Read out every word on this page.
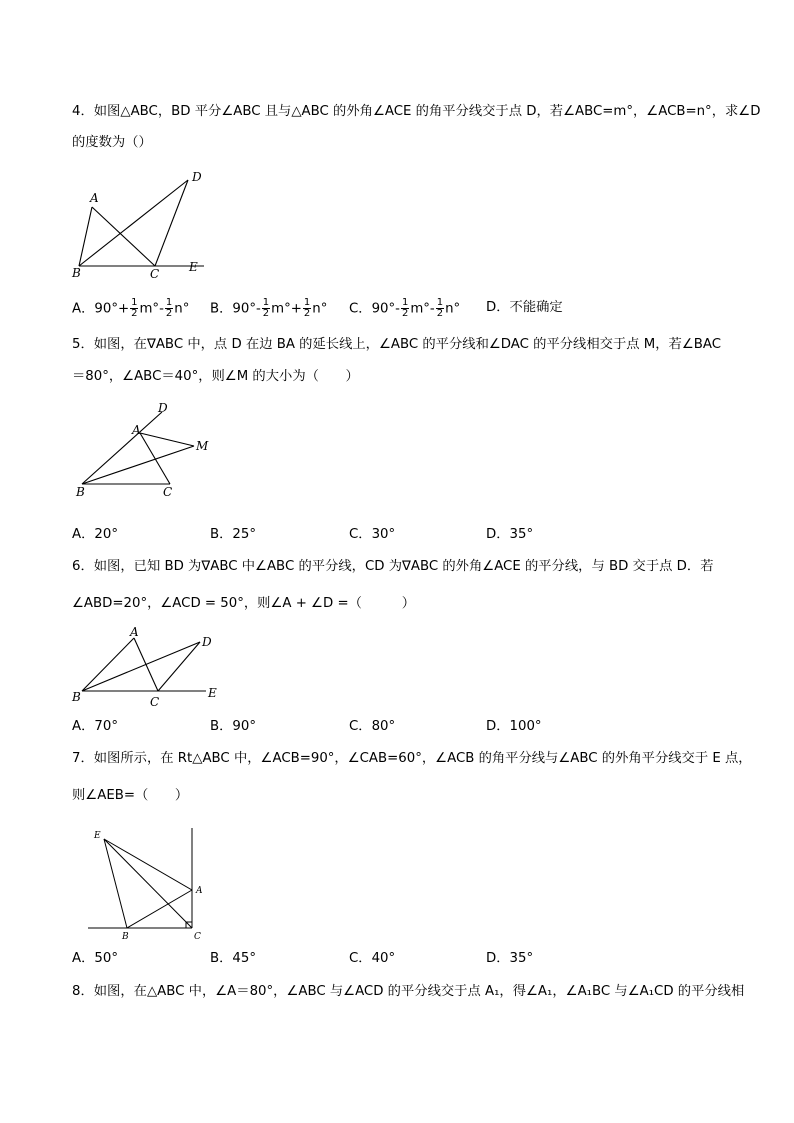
4．如图△ABC，BD 平分∠ABC 且与△ABC 的外角∠ACE 的角平分线交于点 D，若∠ABC=m°，∠ACB=n°，求∠D
的度数为（）
A
B	C
D
E
A．$90^\circ+ \frac{1}{2} m^\circ- \frac{1}{2} n^\circ$ B．$90^\circ- \frac{1}{2} m^\circ+ \frac{1}{2} n^\circ$ C．$90^\circ- \frac{1}{2} m^\circ- \frac{1}{2} n^\circ$ D．不能确定
5．如图，在∇ABC 中，点 D 在边 BA 的延长线上，∠ABC 的平分线和∠DAC 的平分线相交于点 M，若∠BAC
＝80°，∠ABC＝40°，则∠M 的大小为（　　）
A
B	C
D
M
A．20°	B．25°	C．30°	D．35°
6．如图，已知 BD 为∇ABC 中∠ABC 的平分线，CD 为∇ABC 的外角∠ACE 的平分线，与 BD 交于点 D．若
∠ABD=20°，∠ACD = 50°，则∠A + ∠D =（　　　）
A
B	C
D
E
A．70°	B．90°	C．80°	D．100°
7．如图所示，在 Rt△ABC 中，∠ACB=90°，∠CAB=60°，∠ACB 的角平分线与∠ABC 的外角平分线交于 E 点，
则∠AEB=（　　）
E
A
B	C
A．50°	B．45°	C．40°	D．35°
8．如图，在△ABC 中，∠A＝80°，∠ABC 与∠ACD 的平分线交于点 A₁，得∠A₁，∠A₁BC 与∠A₁CD 的平分线相
